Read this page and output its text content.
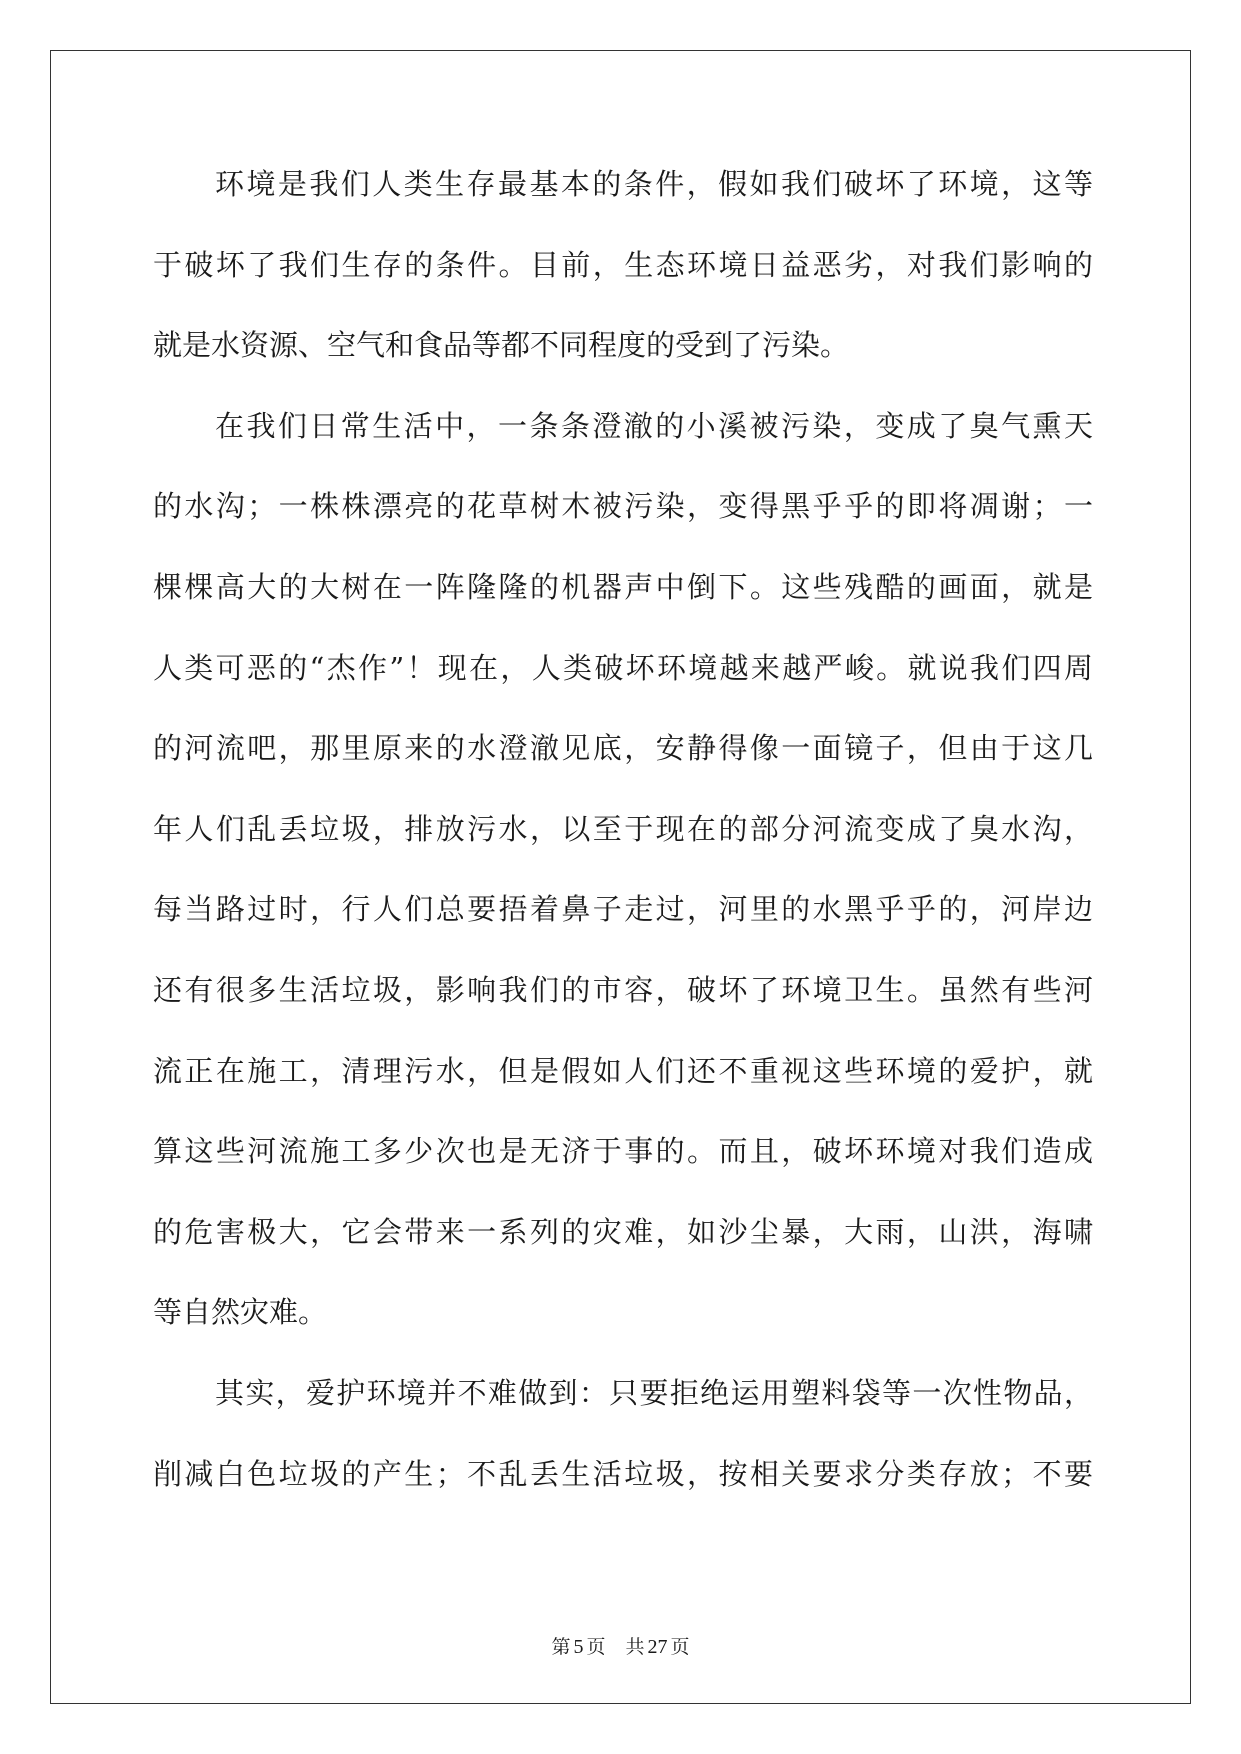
环境是我们人类生存最基本的条件，假如我们破坏了环境，这等
于破坏了我们生存的条件。目前，生态环境日益恶劣，对我们影响的
就是水资源、空气和食品等都不同程度的受到了污染。
在我们日常生活中，一条条澄澈的小溪被污染，变成了臭气熏天
的水沟；一株株漂亮的花草树木被污染，变得黑乎乎的即将凋谢；一
棵棵高大的大树在一阵隆隆的机器声中倒下。这些残酷的画面，就是
人类可恶的“杰作”！现在，人类破坏环境越来越严峻。就说我们四周
的河流吧，那里原来的水澄澈见底，安静得像一面镜子，但由于这几
年人们乱丢垃圾，排放污水，以至于现在的部分河流变成了臭水沟，
每当路过时，行人们总要捂着鼻子走过，河里的水黑乎乎的，河岸边
还有很多生活垃圾，影响我们的市容，破坏了环境卫生。虽然有些河
流正在施工，清理污水，但是假如人们还不重视这些环境的爱护，就
算这些河流施工多少次也是无济于事的。而且，破坏环境对我们造成
的危害极大，它会带来一系列的灾难，如沙尘暴，大雨，山洪，海啸
等自然灾难。
其实，爱护环境并不难做到：只要拒绝运用塑料袋等一次性物品，
削减白色垃圾的产生；不乱丢生活垃圾，按相关要求分类存放；不要
第 5 页 共 27 页
